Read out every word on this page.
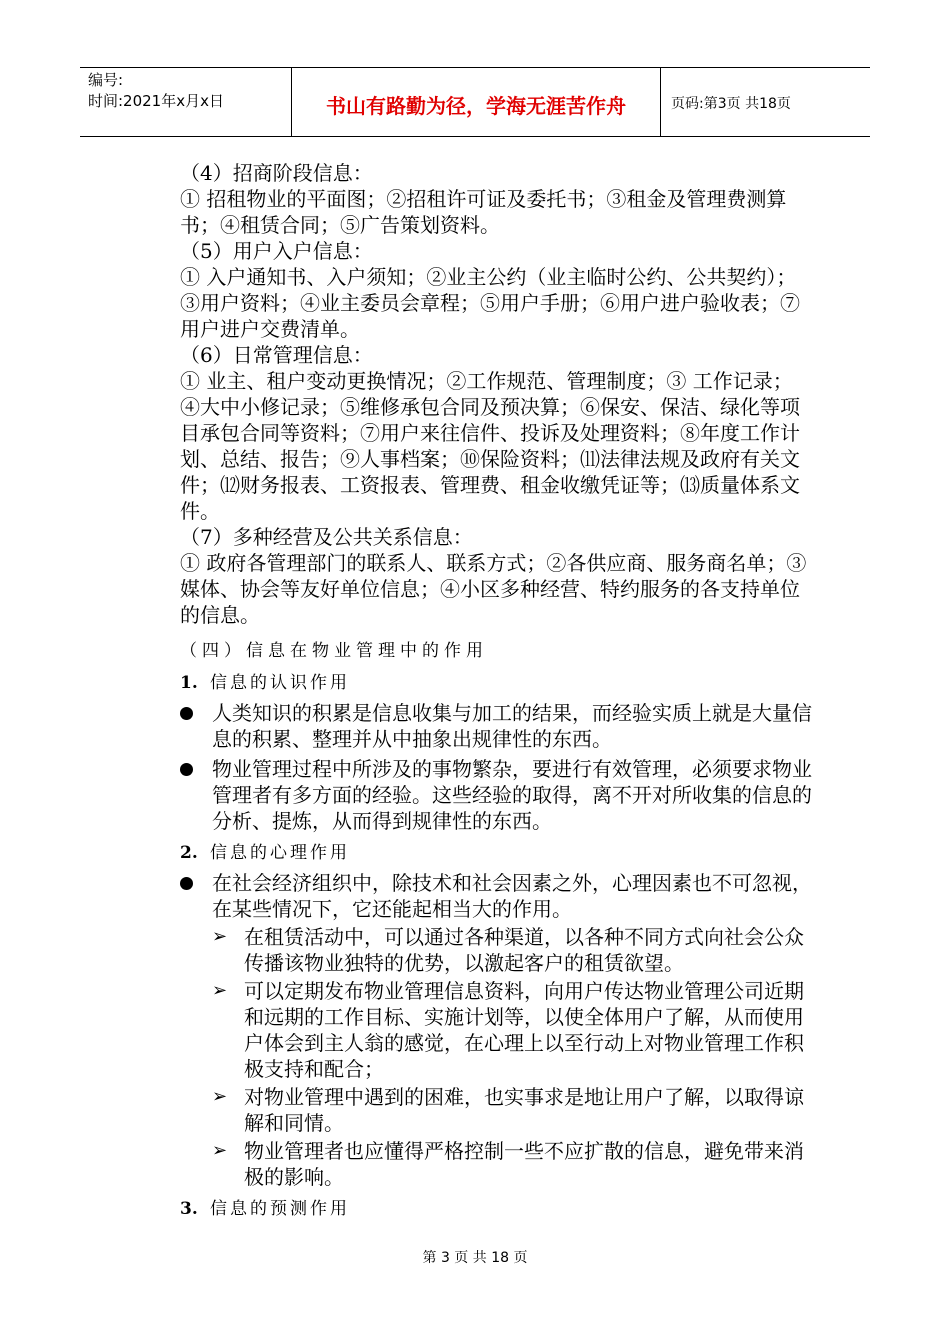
编号:
时间:2021年x月x日	书山有路勤为径，学海无涯苦作舟	页码:第3页 共18页

（4）招商阶段信息：

① 招租物业的平面图；②招租许可证及委托书；③租金及管理费测算书；④租赁合同；⑤广告策划资料。

（5）用户入户信息：

① 入户通知书、入户须知；②业主公约（业主临时公约、公共契约）；③用户资料；④业主委员会章程；⑤用户手册；⑥用户进户验收表；⑦用户进户交费清单。

（6）日常管理信息：

① 业主、租户变动更换情况；②工作规范、管理制度；③ 工作记录；④大中小修记录；⑤维修承包合同及预决算；⑥保安、保洁、绿化等项目承包合同等资料；⑦用户来往信件、投诉及处理资料；⑧年度工作计划、总结、报告；⑨人事档案；⑩保险资料；⑾法律法规及政府有关文件；⑿财务报表、工资报表、管理费、租金收缴凭证等；⒀质量体系文件。

（7）多种经营及公共关系信息：

① 政府各管理部门的联系人、联系方式；②各供应商、服务商名单；③媒体、协会等友好单位信息；④小区多种经营、特约服务的各支持单位的信息。

（四）信息在物业管理中的作用
1. 信息的认识作用
人类知识的积累是信息收集与加工的结果，而经验实质上就是大量信息的积累、整理并从中抽象出规律性的东西。
物业管理过程中所涉及的事物繁杂，要进行有效管理，必须要求物业管理者有多方面的经验。这些经验的取得，离不开对所收集的信息的分析、提炼，从而得到规律性的东西。
2. 信息的心理作用
在社会经济组织中，除技术和社会因素之外，心理因素也不可忽视，在某些情况下，它还能起相当大的作用。
➢ 在租赁活动中，可以通过各种渠道，以各种不同方式向社会公众传播该物业独特的优势，以激起客户的租赁欲望。
➢ 可以定期发布物业管理信息资料，向用户传达物业管理公司近期和远期的工作目标、实施计划等，以使全体用户了解，从而使用户体会到主人翁的感觉，在心理上以至行动上对物业管理工作积极支持和配合；
➢ 对物业管理中遇到的困难，也实事求是地让用户了解，以取得谅解和同情。
➢ 物业管理者也应懂得严格控制一些不应扩散的信息，避免带来消极的影响。
3. 信息的预测作用
第 3 页 共 18 页
